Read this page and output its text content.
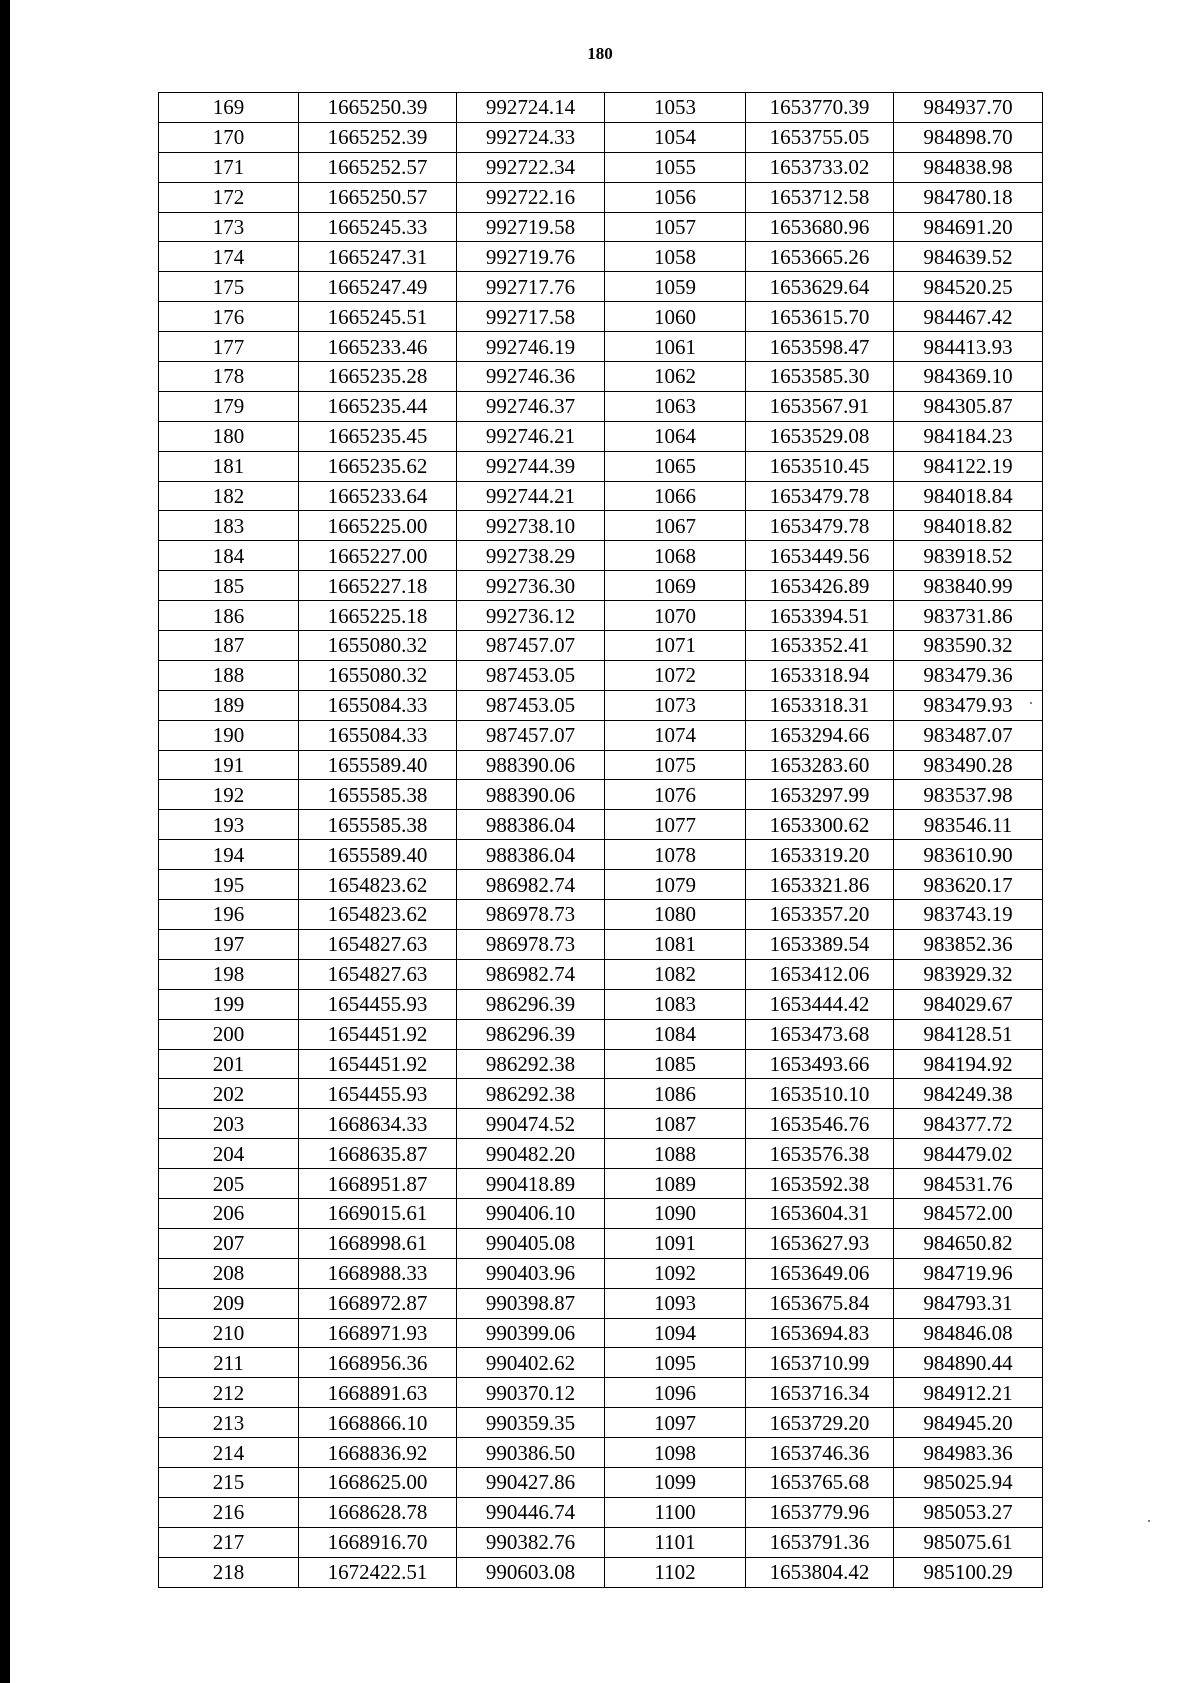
180
169	1665250.39	992724.14	1053	1653770.39	984937.70
170	1665252.39	992724.33	1054	1653755.05	984898.70
171	1665252.57	992722.34	1055	1653733.02	984838.98
172	1665250.57	992722.16	1056	1653712.58	984780.18
173	1665245.33	992719.58	1057	1653680.96	984691.20
174	1665247.31	992719.76	1058	1653665.26	984639.52
175	1665247.49	992717.76	1059	1653629.64	984520.25
176	1665245.51	992717.58	1060	1653615.70	984467.42
177	1665233.46	992746.19	1061	1653598.47	984413.93
178	1665235.28	992746.36	1062	1653585.30	984369.10
179	1665235.44	992746.37	1063	1653567.91	984305.87
180	1665235.45	992746.21	1064	1653529.08	984184.23
181	1665235.62	992744.39	1065	1653510.45	984122.19
182	1665233.64	992744.21	1066	1653479.78	984018.84
183	1665225.00	992738.10	1067	1653479.78	984018.82
184	1665227.00	992738.29	1068	1653449.56	983918.52
185	1665227.18	992736.30	1069	1653426.89	983840.99
186	1665225.18	992736.12	1070	1653394.51	983731.86
187	1655080.32	987457.07	1071	1653352.41	983590.32
188	1655080.32	987453.05	1072	1653318.94	983479.36
189	1655084.33	987453.05	1073	1653318.31	983479.93
190	1655084.33	987457.07	1074	1653294.66	983487.07
191	1655589.40	988390.06	1075	1653283.60	983490.28
192	1655585.38	988390.06	1076	1653297.99	983537.98
193	1655585.38	988386.04	1077	1653300.62	983546.11
194	1655589.40	988386.04	1078	1653319.20	983610.90
195	1654823.62	986982.74	1079	1653321.86	983620.17
196	1654823.62	986978.73	1080	1653357.20	983743.19
197	1654827.63	986978.73	1081	1653389.54	983852.36
198	1654827.63	986982.74	1082	1653412.06	983929.32
199	1654455.93	986296.39	1083	1653444.42	984029.67
200	1654451.92	986296.39	1084	1653473.68	984128.51
201	1654451.92	986292.38	1085	1653493.66	984194.92
202	1654455.93	986292.38	1086	1653510.10	984249.38
203	1668634.33	990474.52	1087	1653546.76	984377.72
204	1668635.87	990482.20	1088	1653576.38	984479.02
205	1668951.87	990418.89	1089	1653592.38	984531.76
206	1669015.61	990406.10	1090	1653604.31	984572.00
207	1668998.61	990405.08	1091	1653627.93	984650.82
208	1668988.33	990403.96	1092	1653649.06	984719.96
209	1668972.87	990398.87	1093	1653675.84	984793.31
210	1668971.93	990399.06	1094	1653694.83	984846.08
211	1668956.36	990402.62	1095	1653710.99	984890.44
212	1668891.63	990370.12	1096	1653716.34	984912.21
213	1668866.10	990359.35	1097	1653729.20	984945.20
214	1668836.92	990386.50	1098	1653746.36	984983.36
215	1668625.00	990427.86	1099	1653765.68	985025.94
216	1668628.78	990446.74	1100	1653779.96	985053.27
217	1668916.70	990382.76	1101	1653791.36	985075.61
218	1672422.51	990603.08	1102	1653804.42	985100.29
